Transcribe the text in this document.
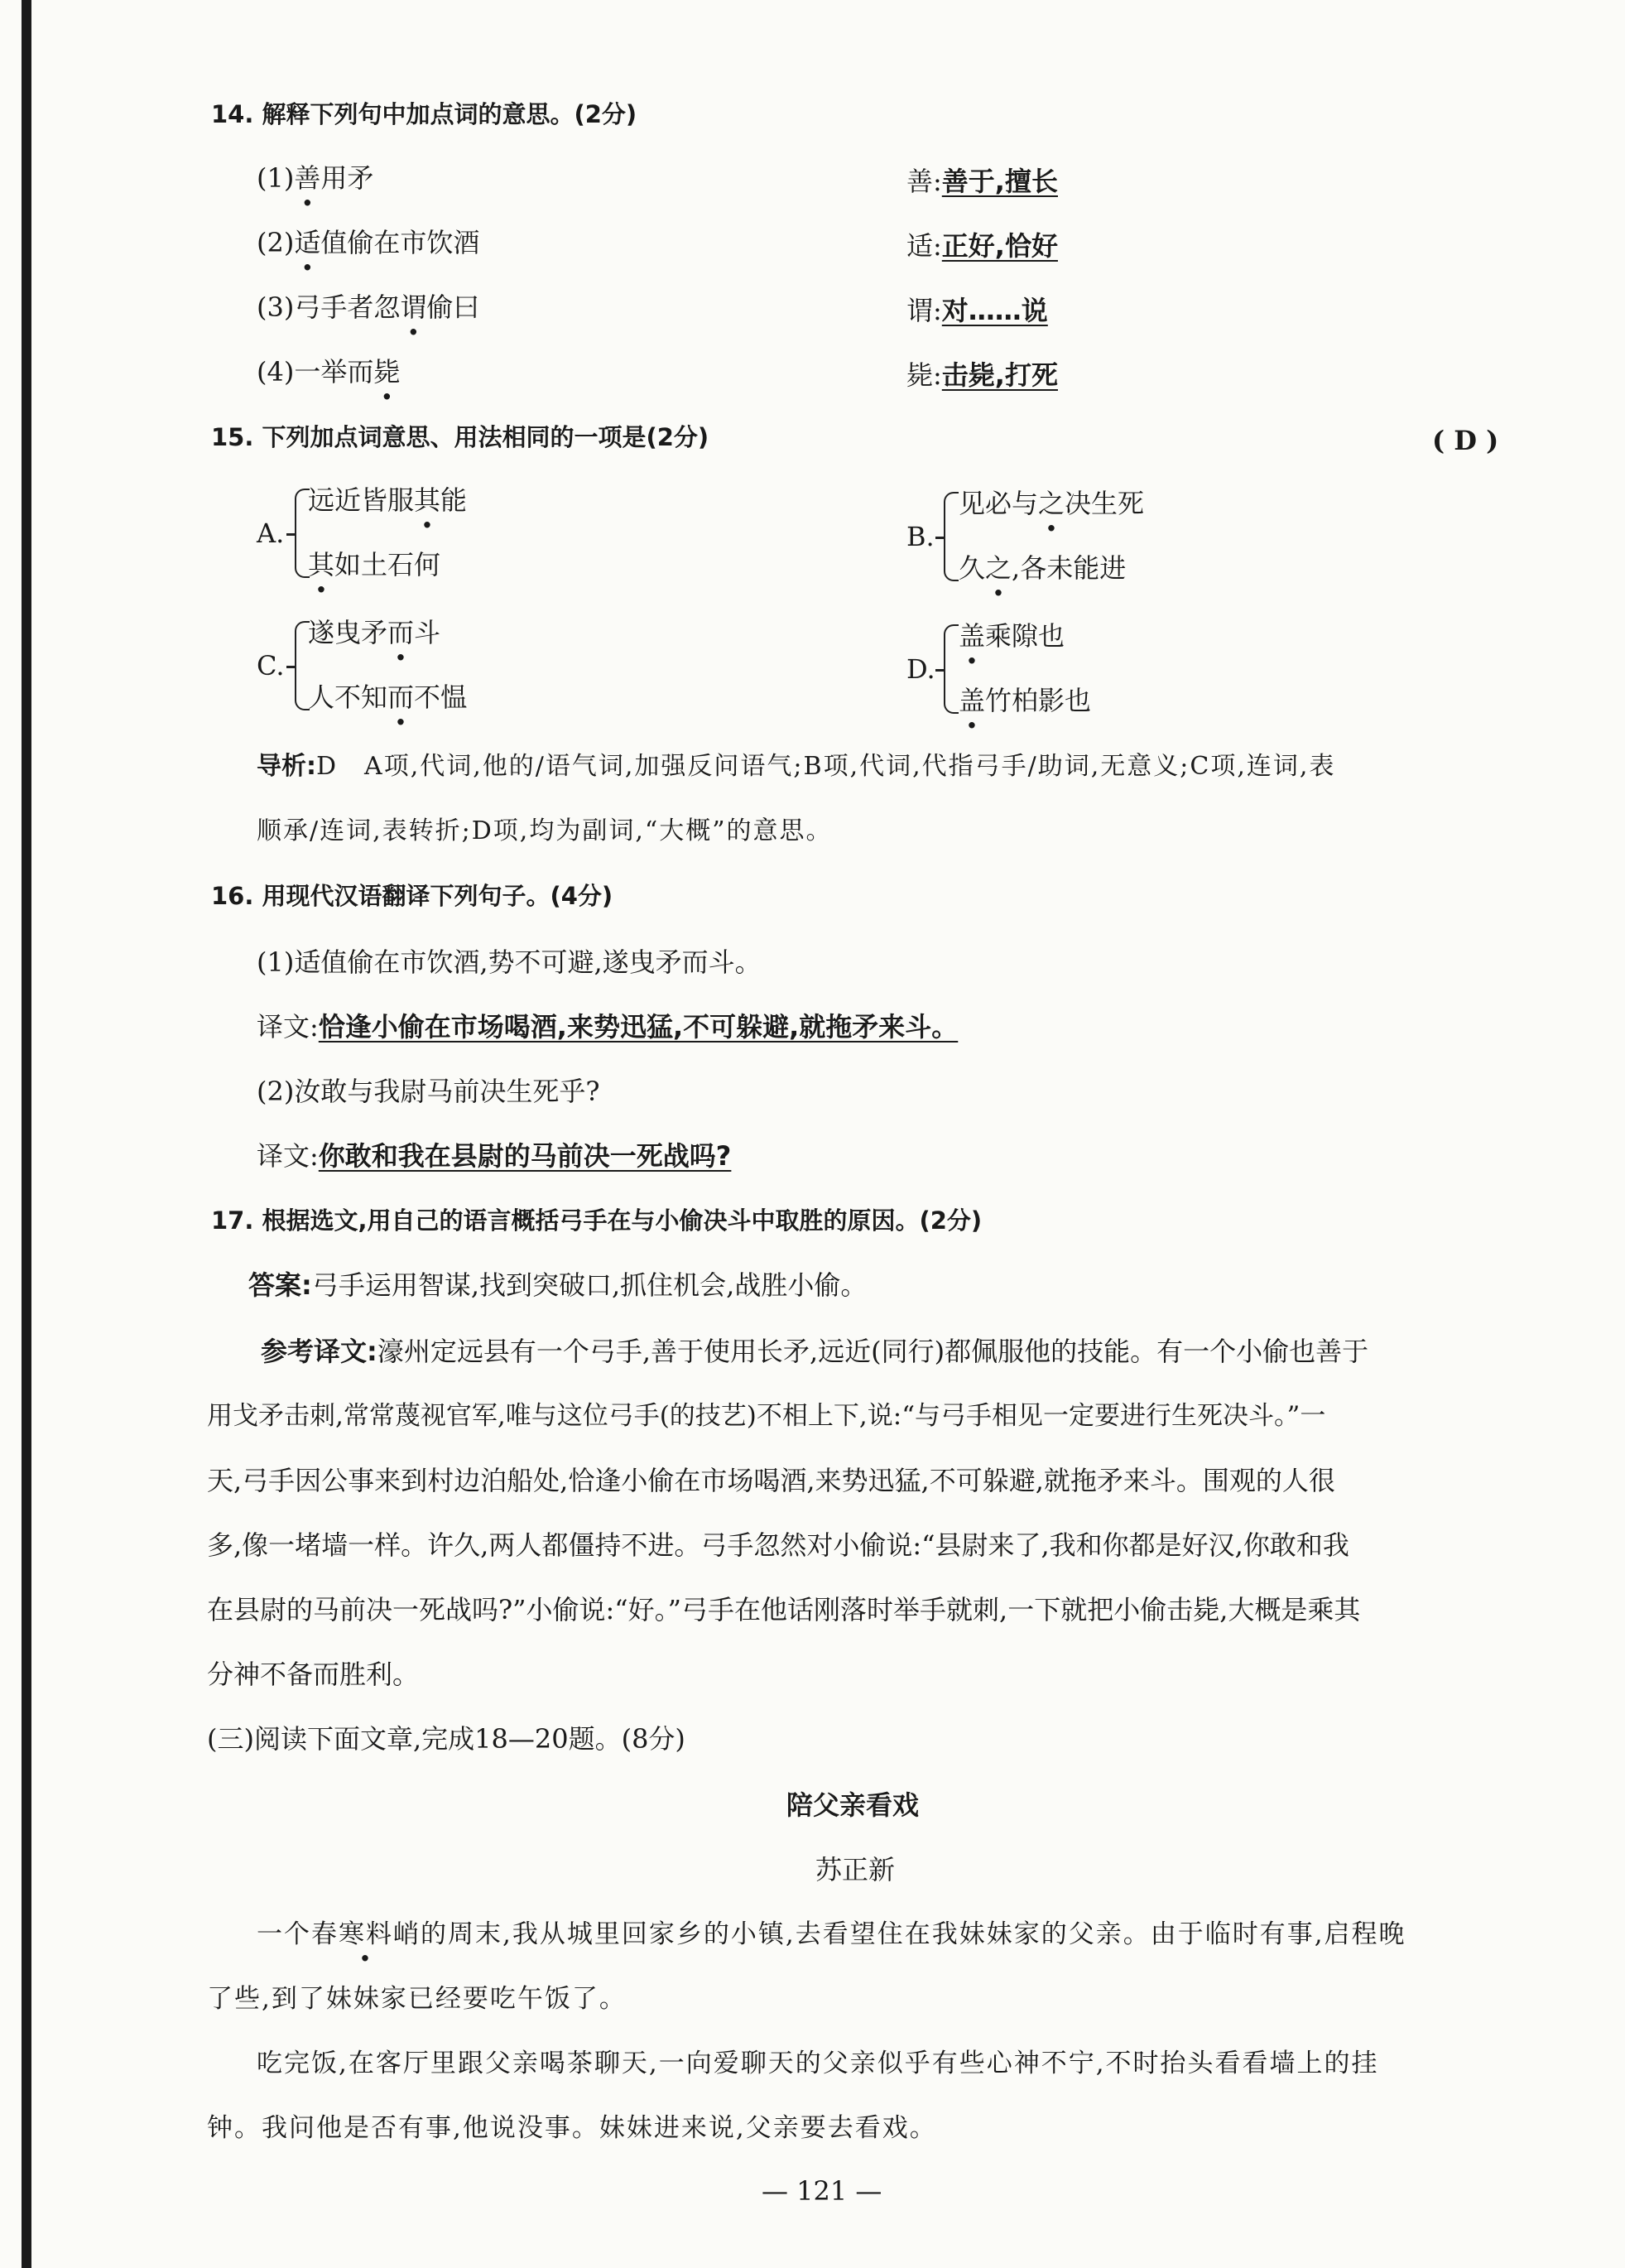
14. 解释下列句中加点词的意思。(2分)
(1)善用矛	善:善于,擅长
(2)适值偷在市饮酒	适:正好,恰好
(3)弓手者忽谓偷曰	谓:对……说
(4)一举而毙	毙:击毙,打死
15. 下列加点词意思、用法相同的一项是(2分)	( D )
A.
远近皆服其能
其如土石何
B.
见必与之决生死
久之,各未能进
C.
遂曳矛而斗
人不知而不愠
D.
盖乘隙也
盖竹柏影也
导析:D　A项,代词,他的/语气词,加强反问语气;B项,代词,代指弓手/助词,无意义;C项,连词,表
顺承/连词,表转折;D项,均为副词,“大概”的意思。
16. 用现代汉语翻译下列句子。(4分)
(1)适值偷在市饮酒,势不可避,遂曳矛而斗。
译文:恰逢小偷在市场喝酒,来势迅猛,不可躲避,就拖矛来斗。
(2)汝敢与我尉马前决生死乎?
译文:你敢和我在县尉的马前决一死战吗?
17. 根据选文,用自己的语言概括弓手在与小偷决斗中取胜的原因。(2分)
答案:弓手运用智谋,找到突破口,抓住机会,战胜小偷。
参考译文:濠州定远县有一个弓手,善于使用长矛,远近(同行)都佩服他的技能。有一个小偷也善于
用戈矛击刺,常常蔑视官军,唯与这位弓手(的技艺)不相上下,说:“与弓手相见一定要进行生死决斗。”一
天,弓手因公事来到村边泊船处,恰逢小偷在市场喝酒,来势迅猛,不可躲避,就拖矛来斗。围观的人很
多,像一堵墙一样。许久,两人都僵持不进。弓手忽然对小偷说:“县尉来了,我和你都是好汉,你敢和我
在县尉的马前决一死战吗?”小偷说:“好。”弓手在他话刚落时举手就刺,一下就把小偷击毙,大概是乘其
分神不备而胜利。
(三)阅读下面文章,完成18—20题。(8分)
陪父亲看戏
苏正新
一个春寒料峭的周末,我从城里回家乡的小镇,去看望住在我妹妹家的父亲。由于临时有事,启程晚
了些,到了妹妹家已经要吃午饭了。
吃完饭,在客厅里跟父亲喝茶聊天,一向爱聊天的父亲似乎有些心神不宁,不时抬头看看墙上的挂
钟。我问他是否有事,他说没事。妹妹进来说,父亲要去看戏。
— 121 —
